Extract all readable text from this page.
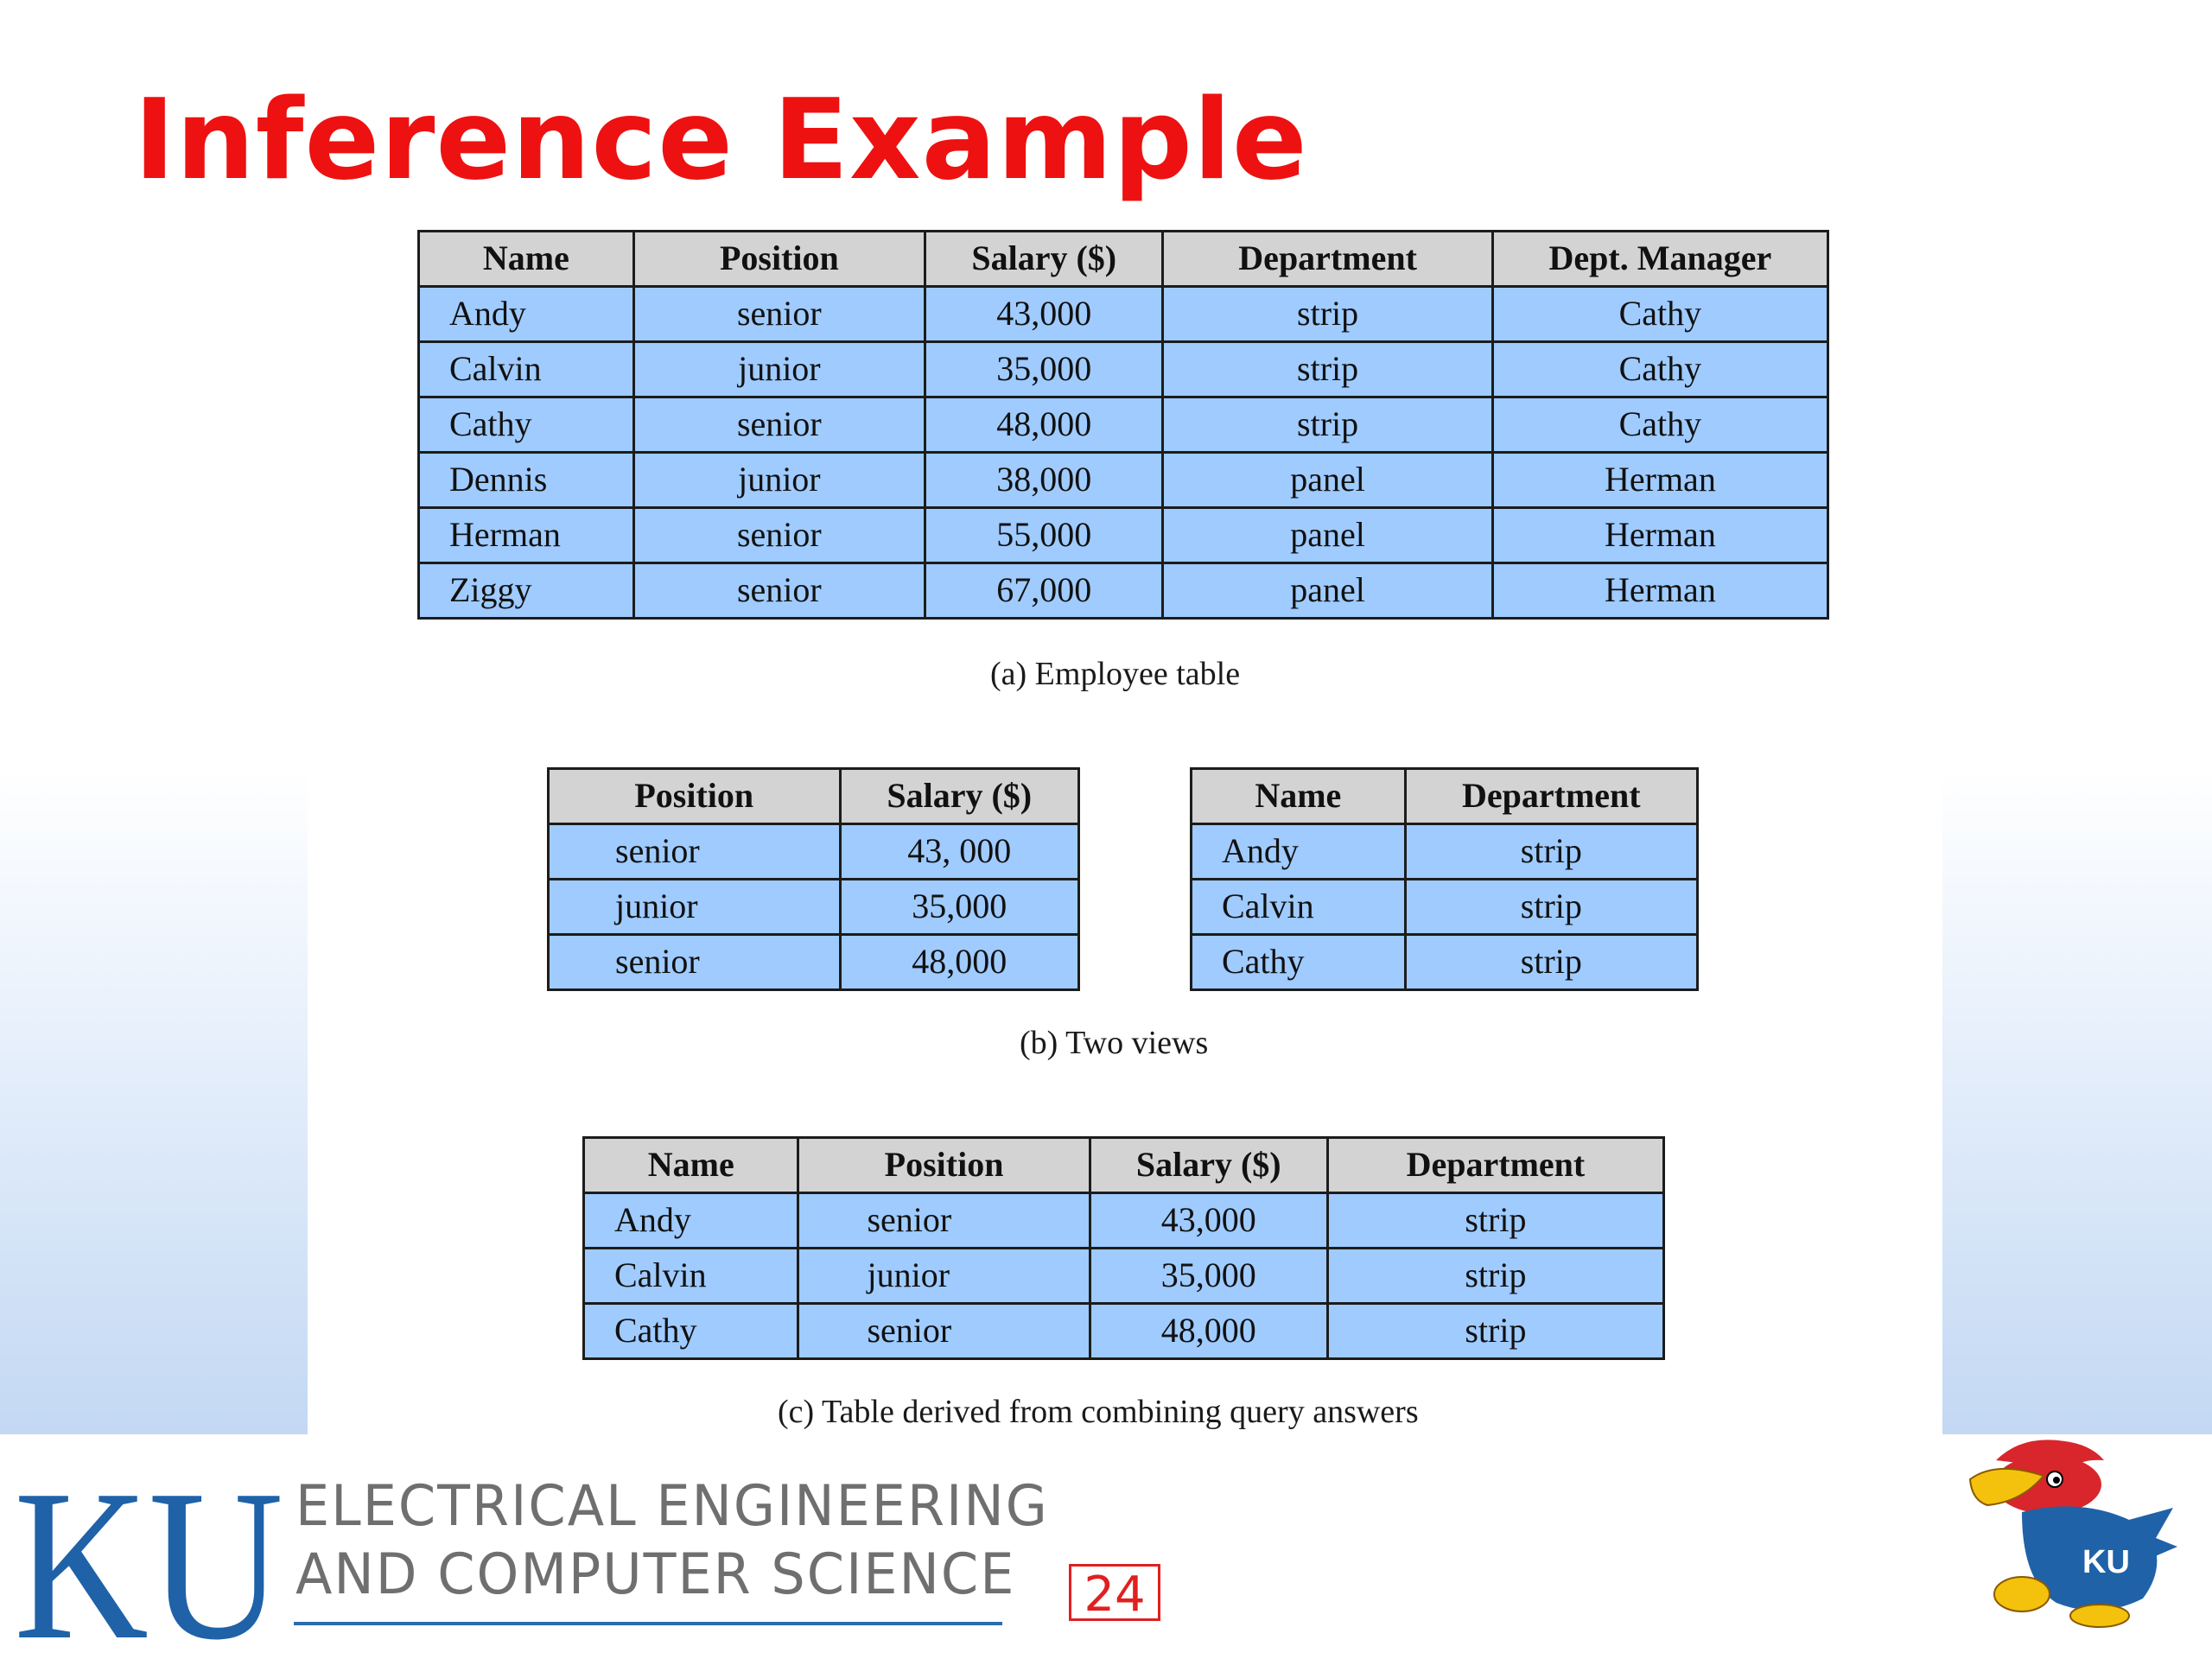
Inference Example
Name	Position	Salary ($)	Department	Dept. Manager
Andy	senior	43,000	strip	Cathy
Calvin	junior	35,000	strip	Cathy
Cathy	senior	48,000	strip	Cathy
Dennis	junior	38,000	panel	Herman
Herman	senior	55,000	panel	Herman
Ziggy	senior	67,000	panel	Herman
(a) Employee table
Position	Salary ($)
senior	43, 000
junior	35,000
senior	48,000
Name	Department
Andy	strip
Calvin	strip
Cathy	strip
(b) Two views
Name	Position	Salary ($)	Department
Andy	senior	43,000	strip
Calvin	junior	35,000	strip
Cathy	senior	48,000	strip
(c) Table derived from combining query answers
KU ELECTRICAL ENGINEERING
AND COMPUTER SCIENCE	24
KU
